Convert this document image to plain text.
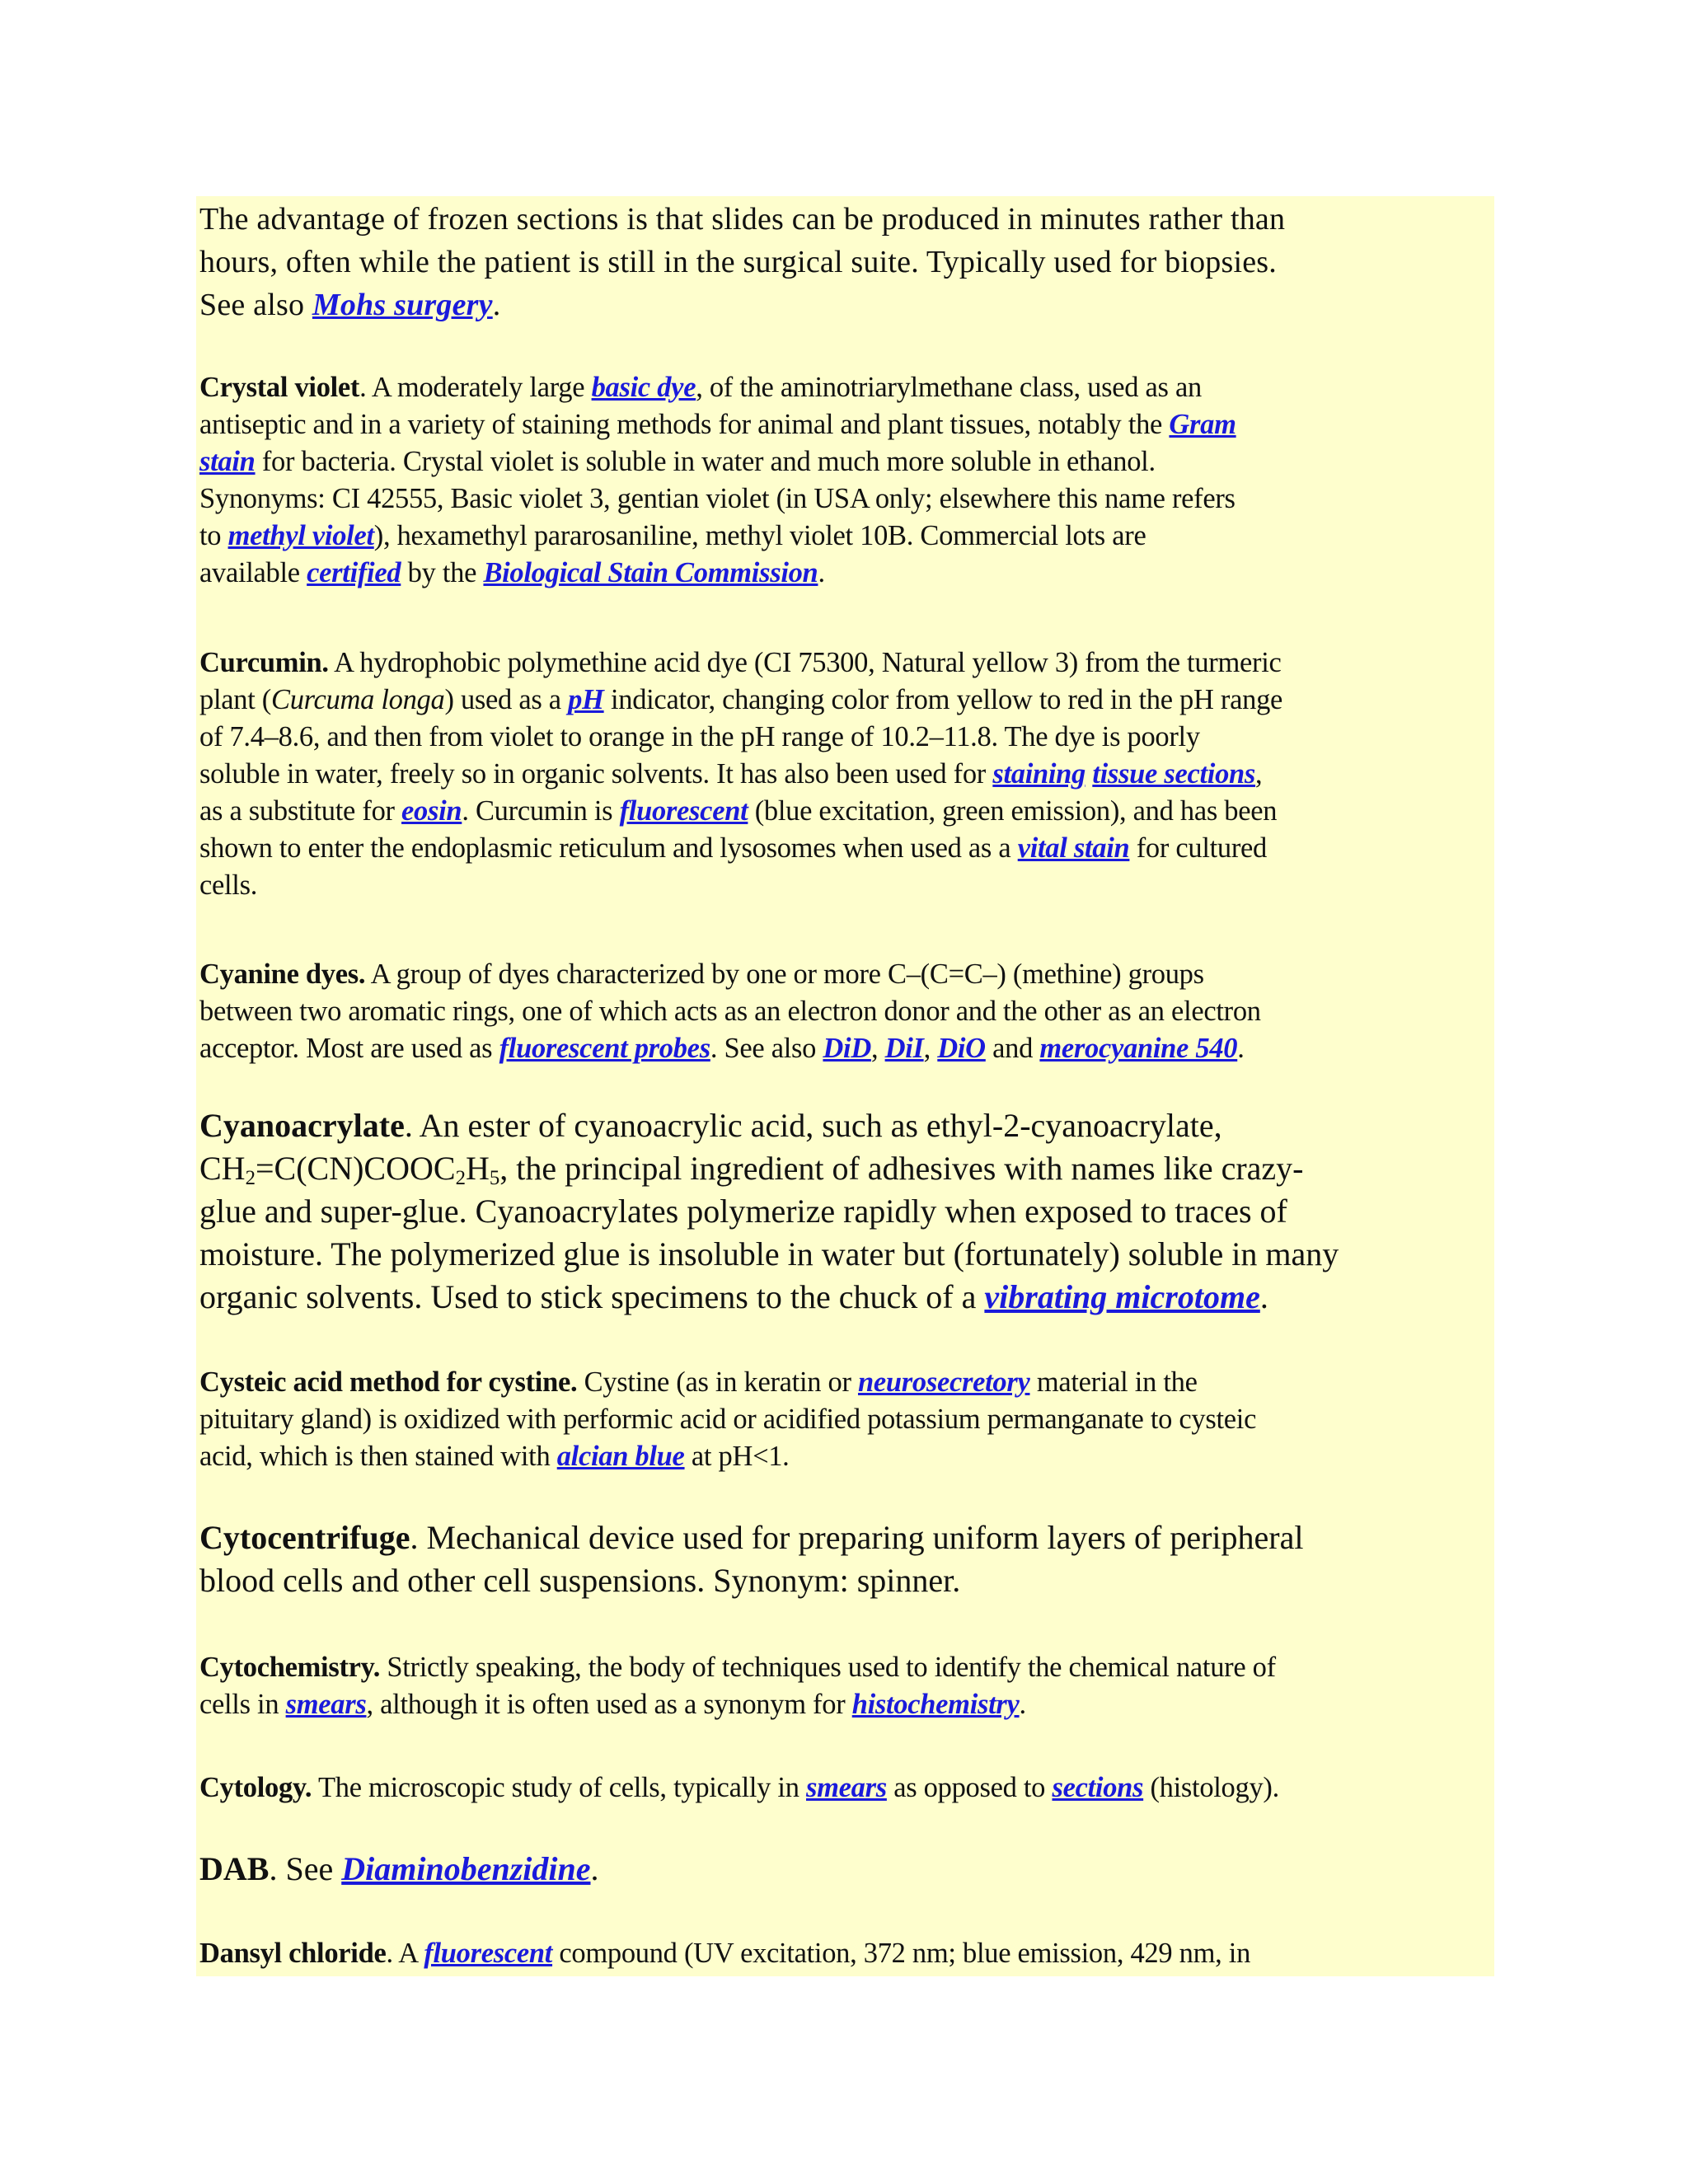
The advantage of frozen sections is that slides can be produced in minutes rather than
hours, often while the patient is still in the surgical suite. Typically used for biopsies.
See also Mohs surgery.
Crystal violet. A moderately large basic dye, of the aminotriarylmethane class, used as an
antiseptic and in a variety of staining methods for animal and plant tissues, notably the Gram
stain for bacteria. Crystal violet is soluble in water and much more soluble in ethanol.
Synonyms: CI 42555, Basic violet 3, gentian violet (in USA only; elsewhere this name refers
to methyl violet), hexamethyl pararosaniline, methyl violet 10B. Commercial lots are
available certified by the Biological Stain Commission.
Curcumin. A hydrophobic polymethine acid dye (CI 75300, Natural yellow 3) from the turmeric
plant (Curcuma longa) used as a pH indicator, changing color from yellow to red in the pH range
of 7.4–8.6, and then from violet to orange in the pH range of 10.2–11.8. The dye is poorly
soluble in water, freely so in organic solvents. It has also been used for staining tissue sections,
as a substitute for eosin. Curcumin is fluorescent (blue excitation, green emission), and has been
shown to enter the endoplasmic reticulum and lysosomes when used as a vital stain for cultured
cells.
Cyanine dyes. A group of dyes characterized by one or more C–(C=C–) (methine) groups
between two aromatic rings, one of which acts as an electron donor and the other as an electron
acceptor. Most are used as fluorescent probes. See also DiD, DiI, DiO and merocyanine 540.
Cyanoacrylate. An ester of cyanoacrylic acid, such as ethyl-2-cyanoacrylate,
$CH_2=C(CN)COOC_2H_5$, the principal ingredient of adhesives with names like crazy-
glue and super-glue. Cyanoacrylates polymerize rapidly when exposed to traces of
moisture. The polymerized glue is insoluble in water but (fortunately) soluble in many
organic solvents. Used to stick specimens to the chuck of a vibrating microtome.
Cysteic acid method for cystine. Cystine (as in keratin or neurosecretory material in the
pituitary gland) is oxidized with performic acid or acidified potassium permanganate to cysteic
acid, which is then stained with alcian blue at pH<1.
Cytocentrifuge. Mechanical device used for preparing uniform layers of peripheral
blood cells and other cell suspensions. Synonym: spinner.
Cytochemistry. Strictly speaking, the body of techniques used to identify the chemical nature of
cells in smears, although it is often used as a synonym for histochemistry.
Cytology. The microscopic study of cells, typically in smears as opposed to sections (histology).
DAB. See Diaminobenzidine.
Dansyl chloride. A fluorescent compound (UV excitation, 372 nm; blue emission, 429 nm, in
